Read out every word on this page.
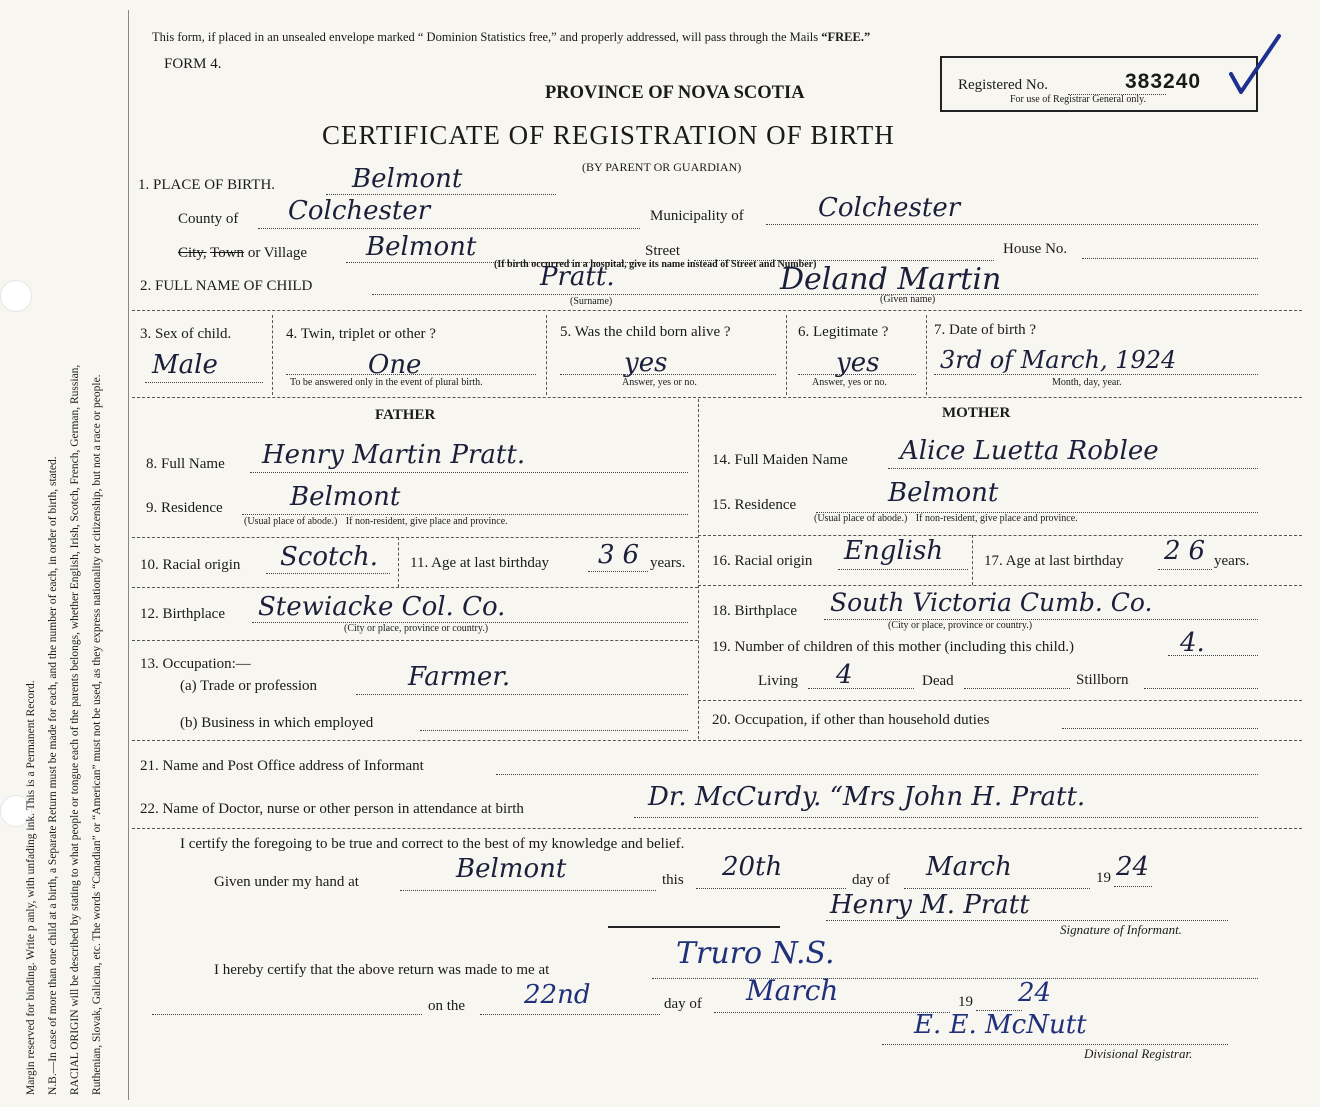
Margin reserved for binding. Write p anly, with unfading ink. This is a Permanent Record. N.B.—In case of more than one child at a birth, a Separate Return must be made for each, and the number of each, in order of birth, stated. RACIAL ORIGIN will be described by stating to what people or tongue each of the parents belongs, whether English, Irish, Scotch, French, German, Russian, Ruthenian, Slovak, Galician, etc. The words “Canadian” or “American” must not be used, as they express nationality or citizenship, but not a race or people.
This form, if placed in an unsealed envelope marked “ Dominion Statistics free,” and properly addressed, will pass through the Mails “FREE.”
FORM 4.
PROVINCE OF NOVA SCOTIA
CERTIFICATE OF REGISTRATION OF BIRTH
(BY PARENT OR GUARDIAN)
Registered No.	383240
For use of Registrar General only.
1. PLACE OF BIRTH.	Belmont
County of Colchester	Municipality of	Colchester
City, Town or Village Belmont	Street	House No.
(If birth occurred in a hospital, give its name instead of Street and Number)
2. FULL NAME OF CHILD	Pratt.
(Surname)
Deland Martin
(Given name)
3. Sex of child.
Male
4. Twin, triplet or other ?
One
To be answered only in the event of plural birth.
5. Was the child born alive ?
yes
Answer, yes or no.
6. Legitimate ?
yes
Answer, yes or no.
7. Date of birth ?
3rd of March, 1924
Month, day, year.
FATHER	MOTHER
8. Full Name Henry Martin Pratt.
9. Residence	Belmont
(Usual place of abode.) If non-resident, give place and province.
10. Racial origin Scotch. 11. Age at last birthday 36 years.
12. Birthplace Stewiacke Col. Co.
(City or place, province or country.)
13. Occupation:—
(a) Trade or profession	Farmer.
(b) Business in which employed
14. Full Maiden Name Alice Luetta Roblee
15. Residence	Belmont
(Usual place of abode.) If non-resident, give place and province.
16. Racial origin English	17. Age at last birthday 26 years.
18. Birthplace South Victoria Cumb. Co.
(City or place, province or country.)
19. Number of children of this mother (including this child.)	4.
Living 4	Dead	Stillborn
20. Occupation, if other than household duties
21. Name and Post Office address of Informant
22. Name of Doctor, nurse or other person in attendance at birth	Dr. McCurdy. “Mrs John H. Pratt.
I certify the foregoing to be true and correct to the best of my knowledge and belief.
Given under my hand at	Belmont	this 20th	day of March	19 24
Henry M. Pratt
Signature of Informant.
I hereby certify that the above return was made to me at	Truro N.S.
on the 22nd	day of March	19 24
E. E. McNutt
Divisional Registrar.
